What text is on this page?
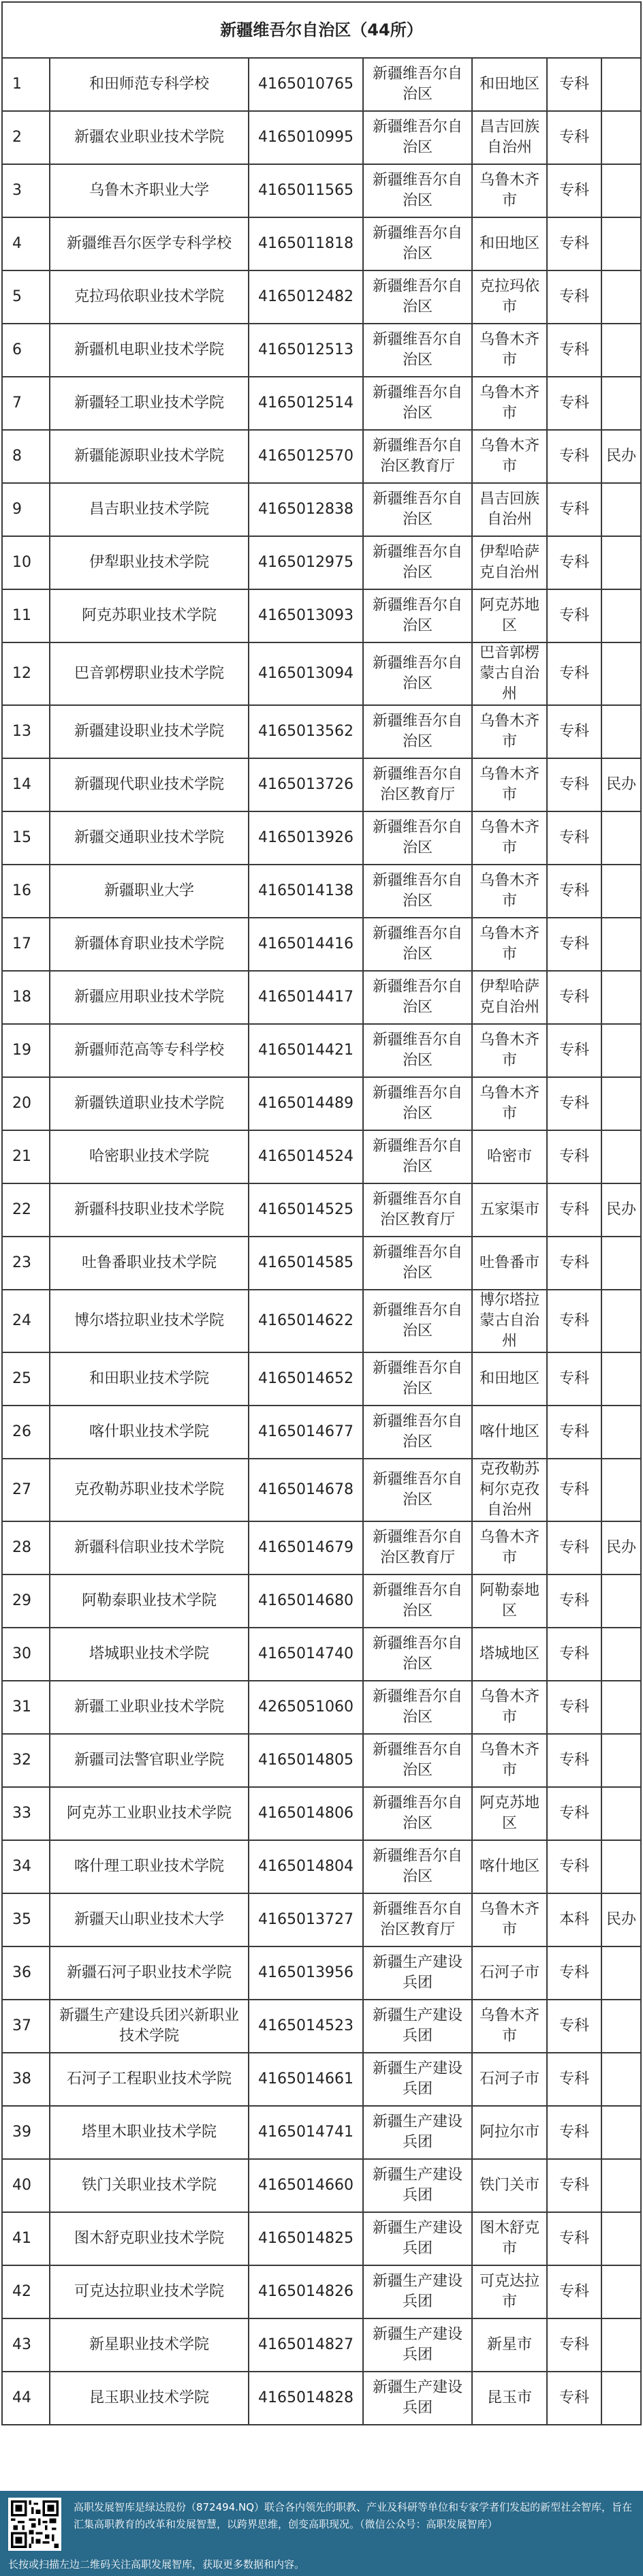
新疆维吾尔自治区（44所）						
1	和田师范专科学校	4165010765	新疆维吾尔自治区	和田地区	专科	
2	新疆农业职业技术学院	4165010995	新疆维吾尔自治区	昌吉回族自治州	专科	
3	乌鲁木齐职业大学	4165011565	新疆维吾尔自治区	乌鲁木齐市	专科	
4	新疆维吾尔医学专科学校	4165011818	新疆维吾尔自治区	和田地区	专科	
5	克拉玛依职业技术学院	4165012482	新疆维吾尔自治区	克拉玛依市	专科	
6	新疆机电职业技术学院	4165012513	新疆维吾尔自治区	乌鲁木齐市	专科	
7	新疆轻工职业技术学院	4165012514	新疆维吾尔自治区	乌鲁木齐市	专科	
8	新疆能源职业技术学院	4165012570	新疆维吾尔自治区教育厅	乌鲁木齐市	专科	民办
9	昌吉职业技术学院	4165012838	新疆维吾尔自治区	昌吉回族自治州	专科	
10	伊犁职业技术学院	4165012975	新疆维吾尔自治区	伊犁哈萨克自治州	专科	
11	阿克苏职业技术学院	4165013093	新疆维吾尔自治区	阿克苏地区	专科	
12	巴音郭楞职业技术学院	4165013094	新疆维吾尔自治区	巴音郭楞蒙古自治州	专科	
13	新疆建设职业技术学院	4165013562	新疆维吾尔自治区	乌鲁木齐市	专科	
14	新疆现代职业技术学院	4165013726	新疆维吾尔自治区教育厅	乌鲁木齐市	专科	民办
15	新疆交通职业技术学院	4165013926	新疆维吾尔自治区	乌鲁木齐市	专科	
16	新疆职业大学	4165014138	新疆维吾尔自治区	乌鲁木齐市	专科	
17	新疆体育职业技术学院	4165014416	新疆维吾尔自治区	乌鲁木齐市	专科	
18	新疆应用职业技术学院	4165014417	新疆维吾尔自治区	伊犁哈萨克自治州	专科	
19	新疆师范高等专科学校	4165014421	新疆维吾尔自治区	乌鲁木齐市	专科	
20	新疆铁道职业技术学院	4165014489	新疆维吾尔自治区	乌鲁木齐市	专科	
21	哈密职业技术学院	4165014524	新疆维吾尔自治区	哈密市	专科	
22	新疆科技职业技术学院	4165014525	新疆维吾尔自治区教育厅	五家渠市	专科	民办
23	吐鲁番职业技术学院	4165014585	新疆维吾尔自治区	吐鲁番市	专科	
24	博尔塔拉职业技术学院	4165014622	新疆维吾尔自治区	博尔塔拉蒙古自治州	专科	
25	和田职业技术学院	4165014652	新疆维吾尔自治区	和田地区	专科	
26	喀什职业技术学院	4165014677	新疆维吾尔自治区	喀什地区	专科	
27	克孜勒苏职业技术学院	4165014678	新疆维吾尔自治区	克孜勒苏柯尔克孜自治州	专科	
28	新疆科信职业技术学院	4165014679	新疆维吾尔自治区教育厅	乌鲁木齐市	专科	民办
29	阿勒泰职业技术学院	4165014680	新疆维吾尔自治区	阿勒泰地区	专科	
30	塔城职业技术学院	4165014740	新疆维吾尔自治区	塔城地区	专科	
31	新疆工业职业技术学院	4265051060	新疆维吾尔自治区	乌鲁木齐市	专科	
32	新疆司法警官职业学院	4165014805	新疆维吾尔自治区	乌鲁木齐市	专科	
33	阿克苏工业职业技术学院	4165014806	新疆维吾尔自治区	阿克苏地区	专科	
34	喀什理工职业技术学院	4165014804	新疆维吾尔自治区	喀什地区	专科	
35	新疆天山职业技术大学	4165013727	新疆维吾尔自治区教育厅	乌鲁木齐市	本科	民办
36	新疆石河子职业技术学院	4165013956	新疆生产建设兵团	石河子市	专科	
37	新疆生产建设兵团兴新职业技术学院	4165014523	新疆生产建设兵团	乌鲁木齐市	专科	
38	石河子工程职业技术学院	4165014661	新疆生产建设兵团	石河子市	专科	
39	塔里木职业技术学院	4165014741	新疆生产建设兵团	阿拉尔市	专科	
40	铁门关职业技术学院	4165014660	新疆生产建设兵团	铁门关市	专科	
41	图木舒克职业技术学院	4165014825	新疆生产建设兵团	图木舒克市	专科	
42	可克达拉职业技术学院	4165014826	新疆生产建设兵团	可克达拉市	专科	
43	新星职业技术学院	4165014827	新疆生产建设兵团	新星市	专科	
44	昆玉职业技术学院	4165014828	新疆生产建设兵团	昆玉市	专科	
高职发展智库是绿达股份（872494.NQ）联合各内领先的职教、产业及科研等单位和专家学者们发起的新型社会智库，旨在汇集高职教育的改革和发展智慧，以跨界思维，创变高职现况。（微信公众号：高职发展智库）
长按或扫描左边二维码关注高职发展智库，获取更多数据和内容。
